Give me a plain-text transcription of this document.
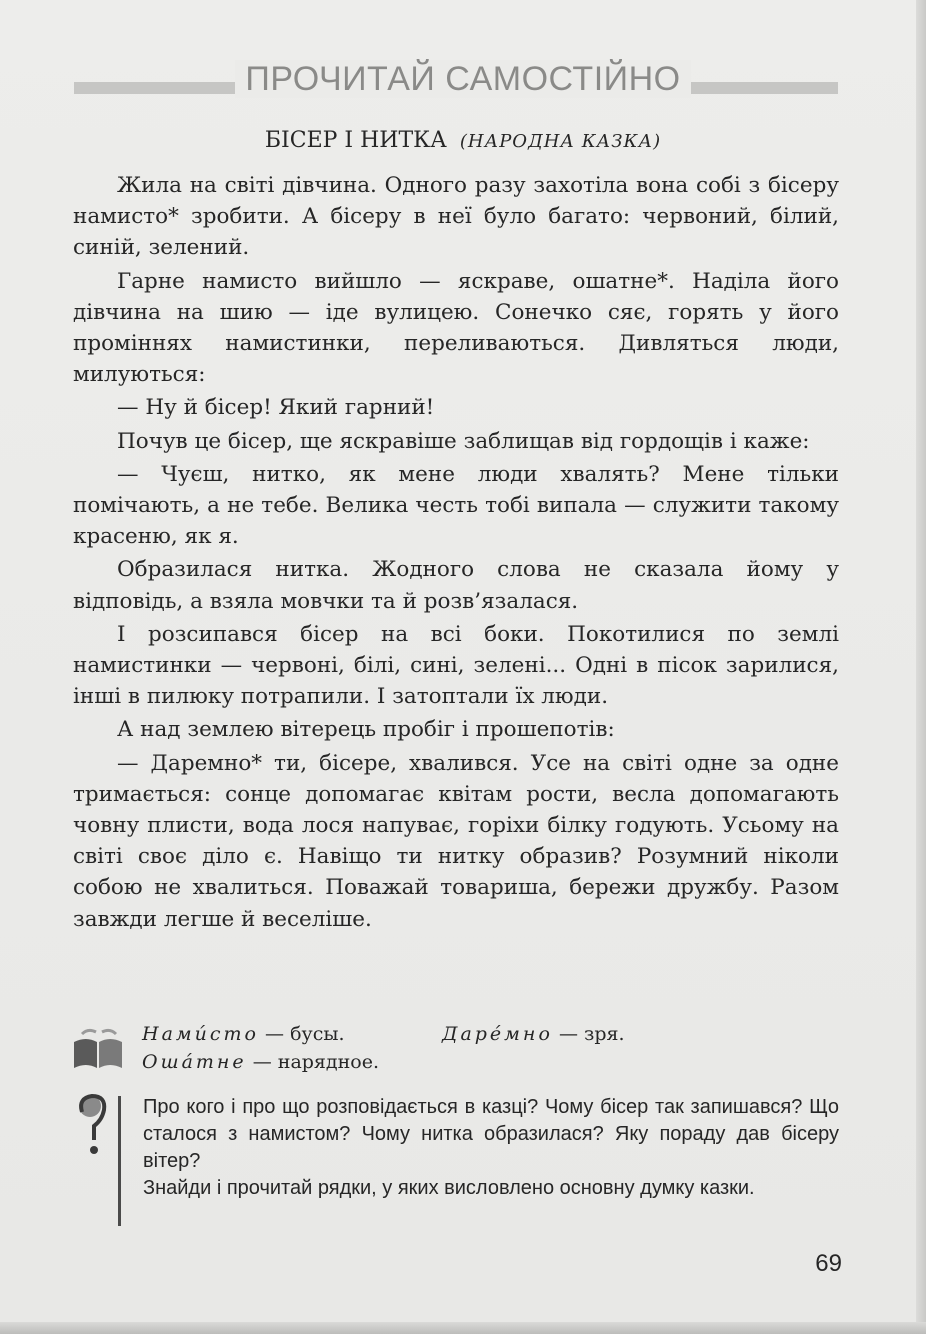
ПРОЧИТАЙ САМОСТІЙНО
БІСЕР І НИТКА (НАРОДНА КАЗКА)

Жила на світі дівчина. Одного разу захотіла вона собі з бісеру намисто* зробити. А бісеру в неї було багато: червоний, білий, синій, зелений.

Гарне намисто вийшло — яскраве, ошатне*. Наділа його дівчина на шию — іде вулицею. Сонечко сяє, горять у його промiннях намистинки, переливаються. Дивляться люди, милуються:

— Ну й бісер! Який гарний!

Почув це бісер, ще яскравіше заблищав від гордощів і каже:

— Чуєш, нитко, як мене люди хвалять? Мене тільки помічають, а не тебе. Велика честь тобі випала — служити такому красеню, як я.

Образилася нитка. Жодного слова не сказала йому у відповідь, а взяла мовчки та й розв’язалася.

І розсипався бісер на всі боки. Покотилися по землі намистинки — червоні, білі, сині, зелені... Одні в пісок зарилися, інші в пилюку потрапили. І затоптали їх люди.

А над землею вітерець пробіг і прошепотів:

— Даремно* ти, бісере, хвалився. Усе на світі одне за одне тримається: сонце допомагає квітам рости, весла допомагають човну плисти, вода лося напуває, горіхи білку годують. Усьому на світі своє діло є. Навіщо ти нитку образив? Розумний ніколи собою не хвалиться. Поважай товариша, бережи дружбу. Разом завжди легше й веселіше.

Нами́сто — бусы.	Даре́мно — зря.
Оша́тне — нарядное.

Про кого і про що розповідається в казці? Чому бісер так запишався? Що сталося з намистом? Чому нитка образилася? Яку пораду дав бісеру вітер?

Знайди і прочитай рядки, у яких висловлено основну думку казки.

69
